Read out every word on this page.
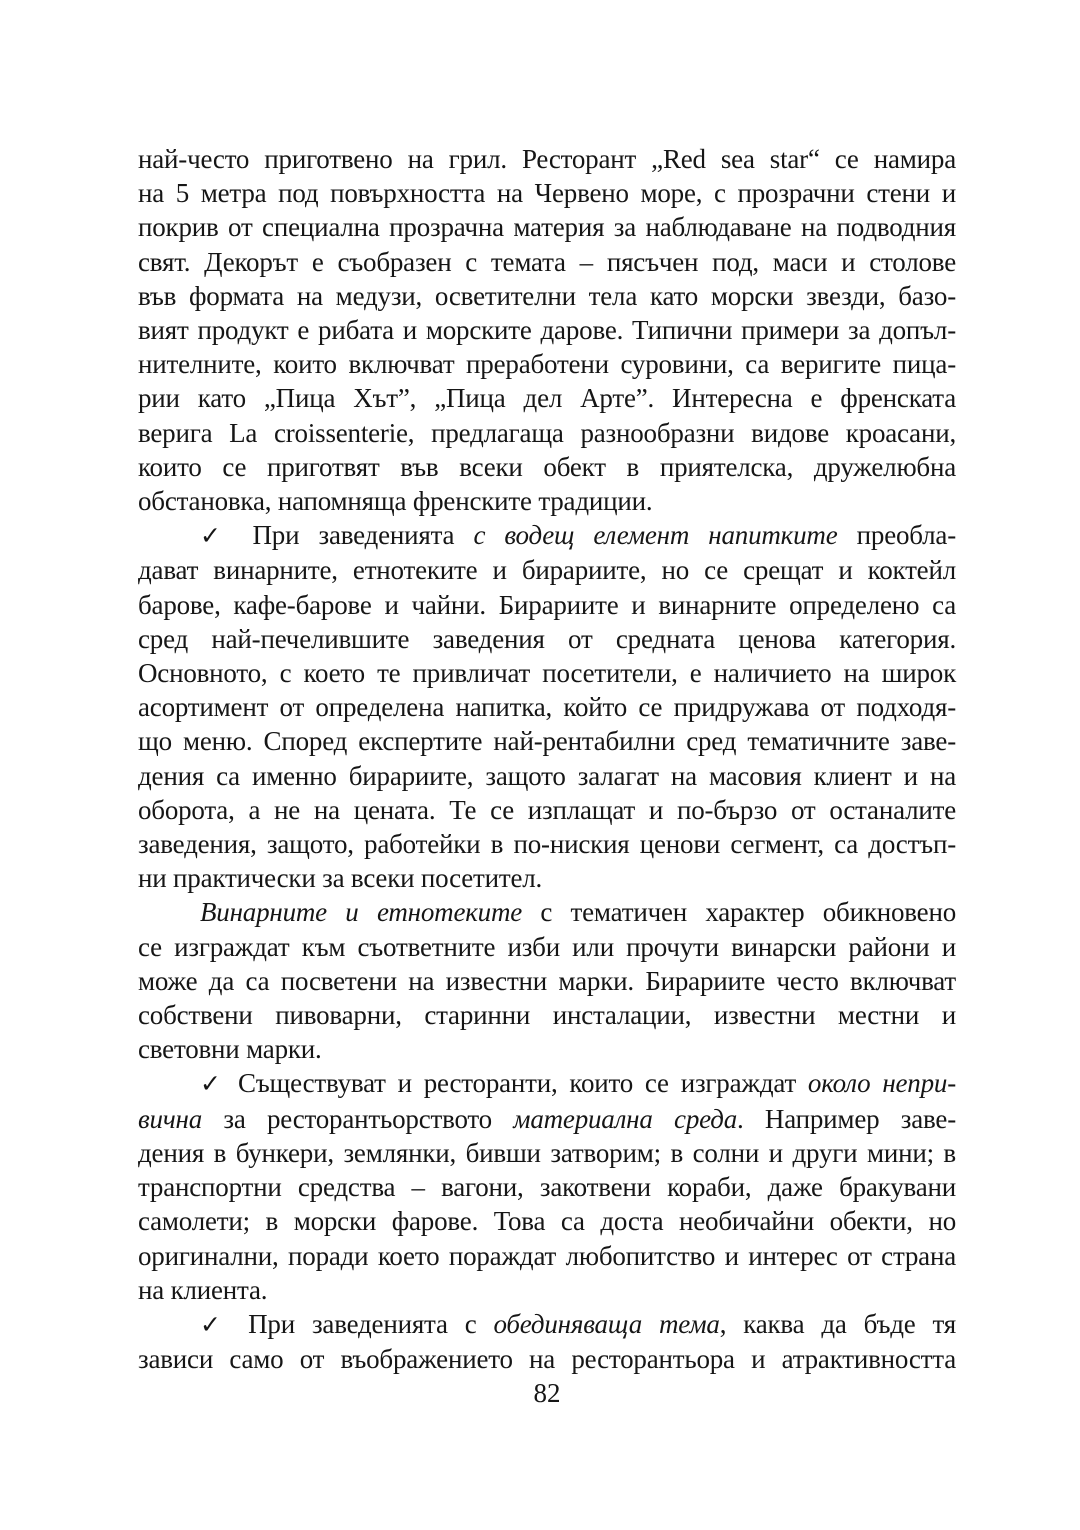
най-често приготвено на грил. Ресторант „Red sea star“ се намира
на 5 метра под повърхността на Червено море, с прозрачни стени и
покрив от специална прозрачна материя за наблюдаване на подводния
свят. Декорът е съобразен с темата – пясъчен под, маси и столове
във формата на медузи, осветителни тела като морски звезди, базо-
вият продукт е рибата и морските дарове. Типични примери за допъл-
нителните, които включват преработени суровини, са веригите пица-
рии като „Пица Хът”, „Пица дел Арте”. Интересна е френската
верига La croissenterie, предлагаща разнообразни видове кроасани,
които се приготвят във всеки обект в приятелска, дружелюбна
обстановка, напомняща френските традиции.
✓ При заведенията с водещ елемент напитките преобла-
дават винарните, етнотеките и бирариите, но се срещат и коктейл
барове, кафе-барове и чайни. Бирариите и винарните определено са
сред най-печелившите заведения от средната ценова категория.
Основното, с което те привличат посетители, е наличието на широк
асортимент от определена напитка, който се придружава от подходя-
що меню. Според експертите най-рентабилни сред тематичните заве-
дения са именно бирариите, защото залагат на масовия клиент и на
оборота, а не на цената. Те се изплащат и по-бързо от останалите
заведения, защото, работейки в по-ниския ценови сегмент, са достъп-
ни практически за всеки посетител.
Винарните и етнотеките с тематичен характер обикновено
се изграждат към съответните изби или прочути винарски райони и
може да са посветени на известни марки. Бирариите често включват
собствени пивоварни, старинни инсталации, известни местни и
световни марки.
✓ Съществуват и ресторанти, които се изграждат около непри-
вична за ресторантьорството материална среда. Например заве-
дения в бункери, землянки, бивши затворим; в солни и други мини; в
транспортни средства – вагони, закотвени кораби, даже бракувани
самолети; в морски фарове. Това са доста необичайни обекти, но
оригинални, поради което пораждат любопитство и интерес от страна
на клиента.
✓ При заведенията с обединяваща тема, каква да бъде тя
зависи само от въображението на ресторантьора и атрактивността
82
